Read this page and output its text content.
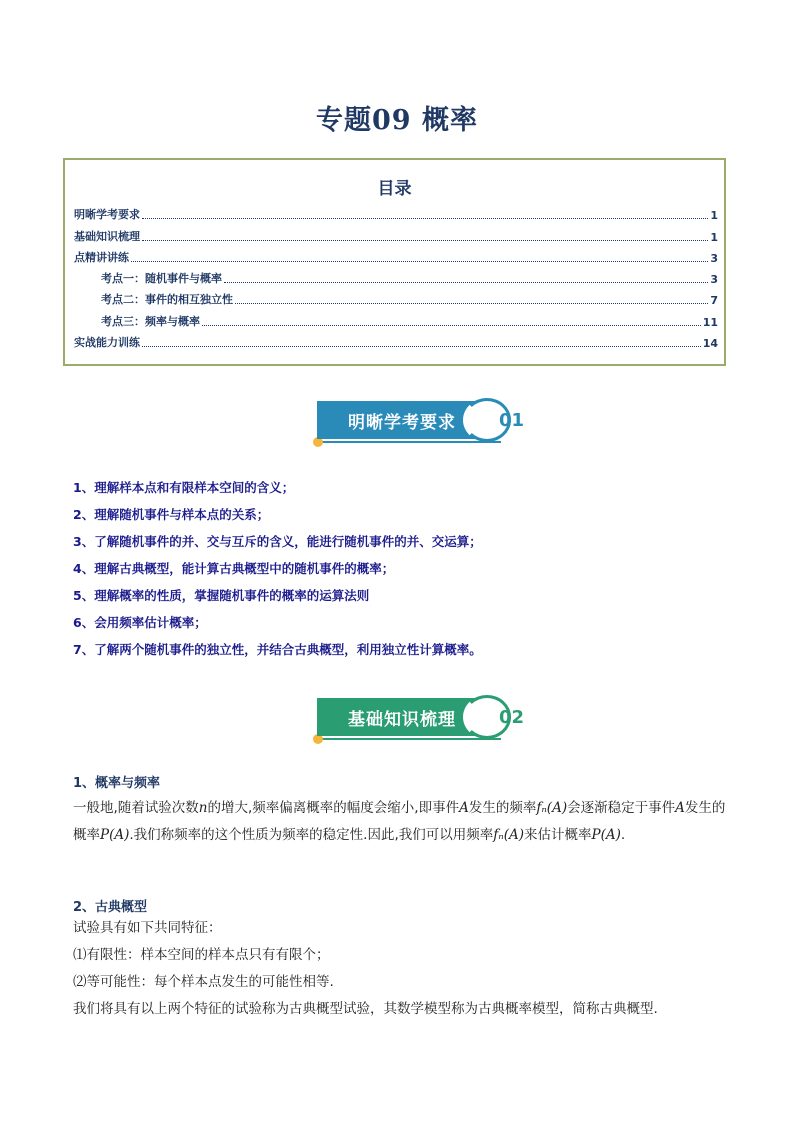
专题09 概率
目录
明晰学考要求	1
基础知识梳理	1
点精讲讲练	3
考点一：随机事件与概率	3
考点二：事件的相互独立性	7
考点三：频率与概率	11
实战能力训练	14
明晰学考要求	01
1、理解样本点和有限样本空间的含义；
2、理解随机事件与样本点的关系；
3、了解随机事件的并、交与互斥的含义，能进行随机事件的并、交运算；
4、理解古典概型，能计算古典概型中的随机事件的概率；
5、理解概率的性质，掌握随机事件的概率的运算法则
6、会用频率估计概率；
7、了解两个随机事件的独立性，并结合古典概型，利用独立性计算概率。
基础知识梳理	02
1、概率与频率
一般地,随着试验次数n的增大,频率偏离概率的幅度会缩小,即事件A发生的频率fₙ(A)会逐渐稳定于事件A发生的概率P(A).我们称频率的这个性质为频率的稳定性.因此,我们可以用频率fₙ(A)来估计概率P(A).
2、古典概型
试验具有如下共同特征：
⑴有限性：样本空间的样本点只有有限个；
⑵等可能性：每个样本点发生的可能性相等.
我们将具有以上两个特征的试验称为古典概型试验，其数学模型称为古典概率模型，简称古典概型.
